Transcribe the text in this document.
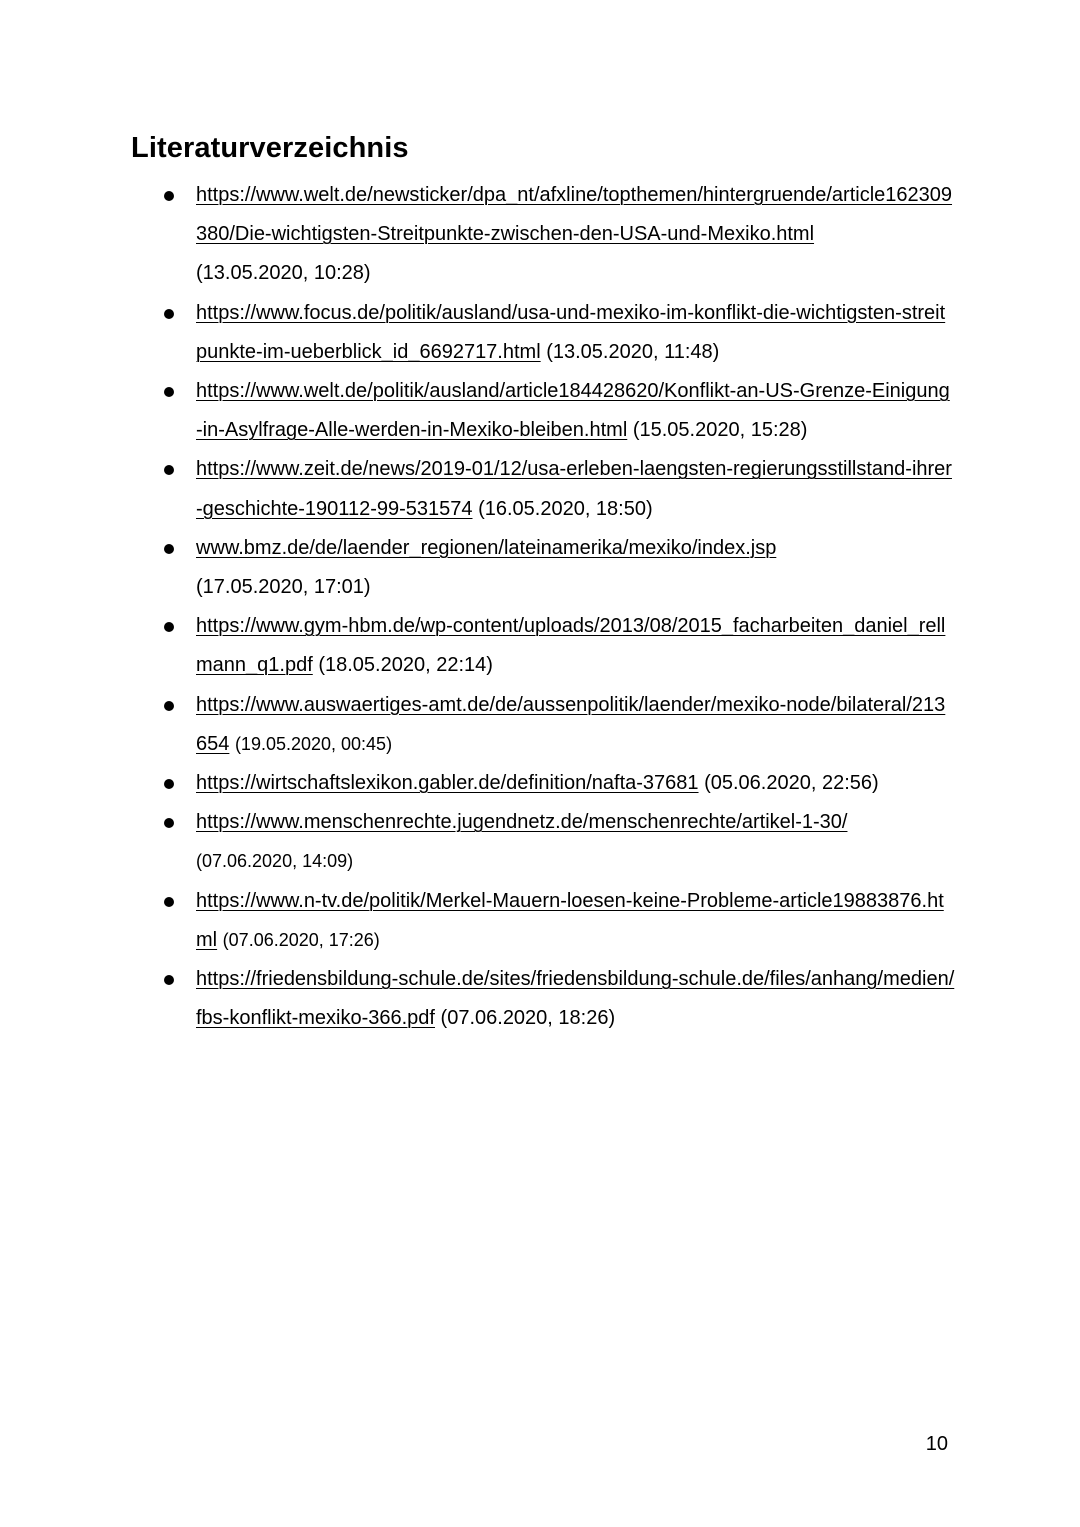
Literaturverzeichnis
https://www.welt.de/newsticker/dpa_nt/afxline/topthemen/hintergruende/article162309380/Die-wichtigsten-Streitpunkte-zwischen-den-USA-und-Mexiko.html
(13.05.2020, 10:28)
https://www.focus.de/politik/ausland/usa-und-mexiko-im-konflikt-die-wichtigsten-streitpunkte-im-ueberblick_id_6692717.html (13.05.2020, 11:48)
https://www.welt.de/politik/ausland/article184428620/Konflikt-an-US-Grenze-Einigung-in-Asylfrage-Alle-werden-in-Mexiko-bleiben.html (15.05.2020, 15:28)
https://www.zeit.de/news/2019-01/12/usa-erleben-laengsten-regierungsstillstand-ihrer-geschichte-190112-99-531574 (16.05.2020, 18:50)
www.bmz.de/de/laender_regionen/lateinamerika/mexiko/index.jsp
(17.05.2020, 17:01)
https://www.gym-hbm.de/wp-content/uploads/2013/08/2015_facharbeiten_daniel_rellmann_q1.pdf (18.05.2020, 22:14)
https://www.auswaertiges-amt.de/de/aussenpolitik/laender/mexiko-node/bilateral/213654 (19.05.2020, 00:45)
https://wirtschaftslexikon.gabler.de/definition/nafta-37681 (05.06.2020, 22:56)
https://www.menschenrechte.jugendnetz.de/menschenrechte/artikel-1-30/
(07.06.2020, 14:09)
https://www.n-tv.de/politik/Merkel-Mauern-loesen-keine-Probleme-article19883876.html (07.06.2020, 17:26)
https://friedensbildung-schule.de/sites/friedensbildung-schule.de/files/anhang/medien/fbs-konflikt-mexiko-366.pdf (07.06.2020, 18:26)
10
